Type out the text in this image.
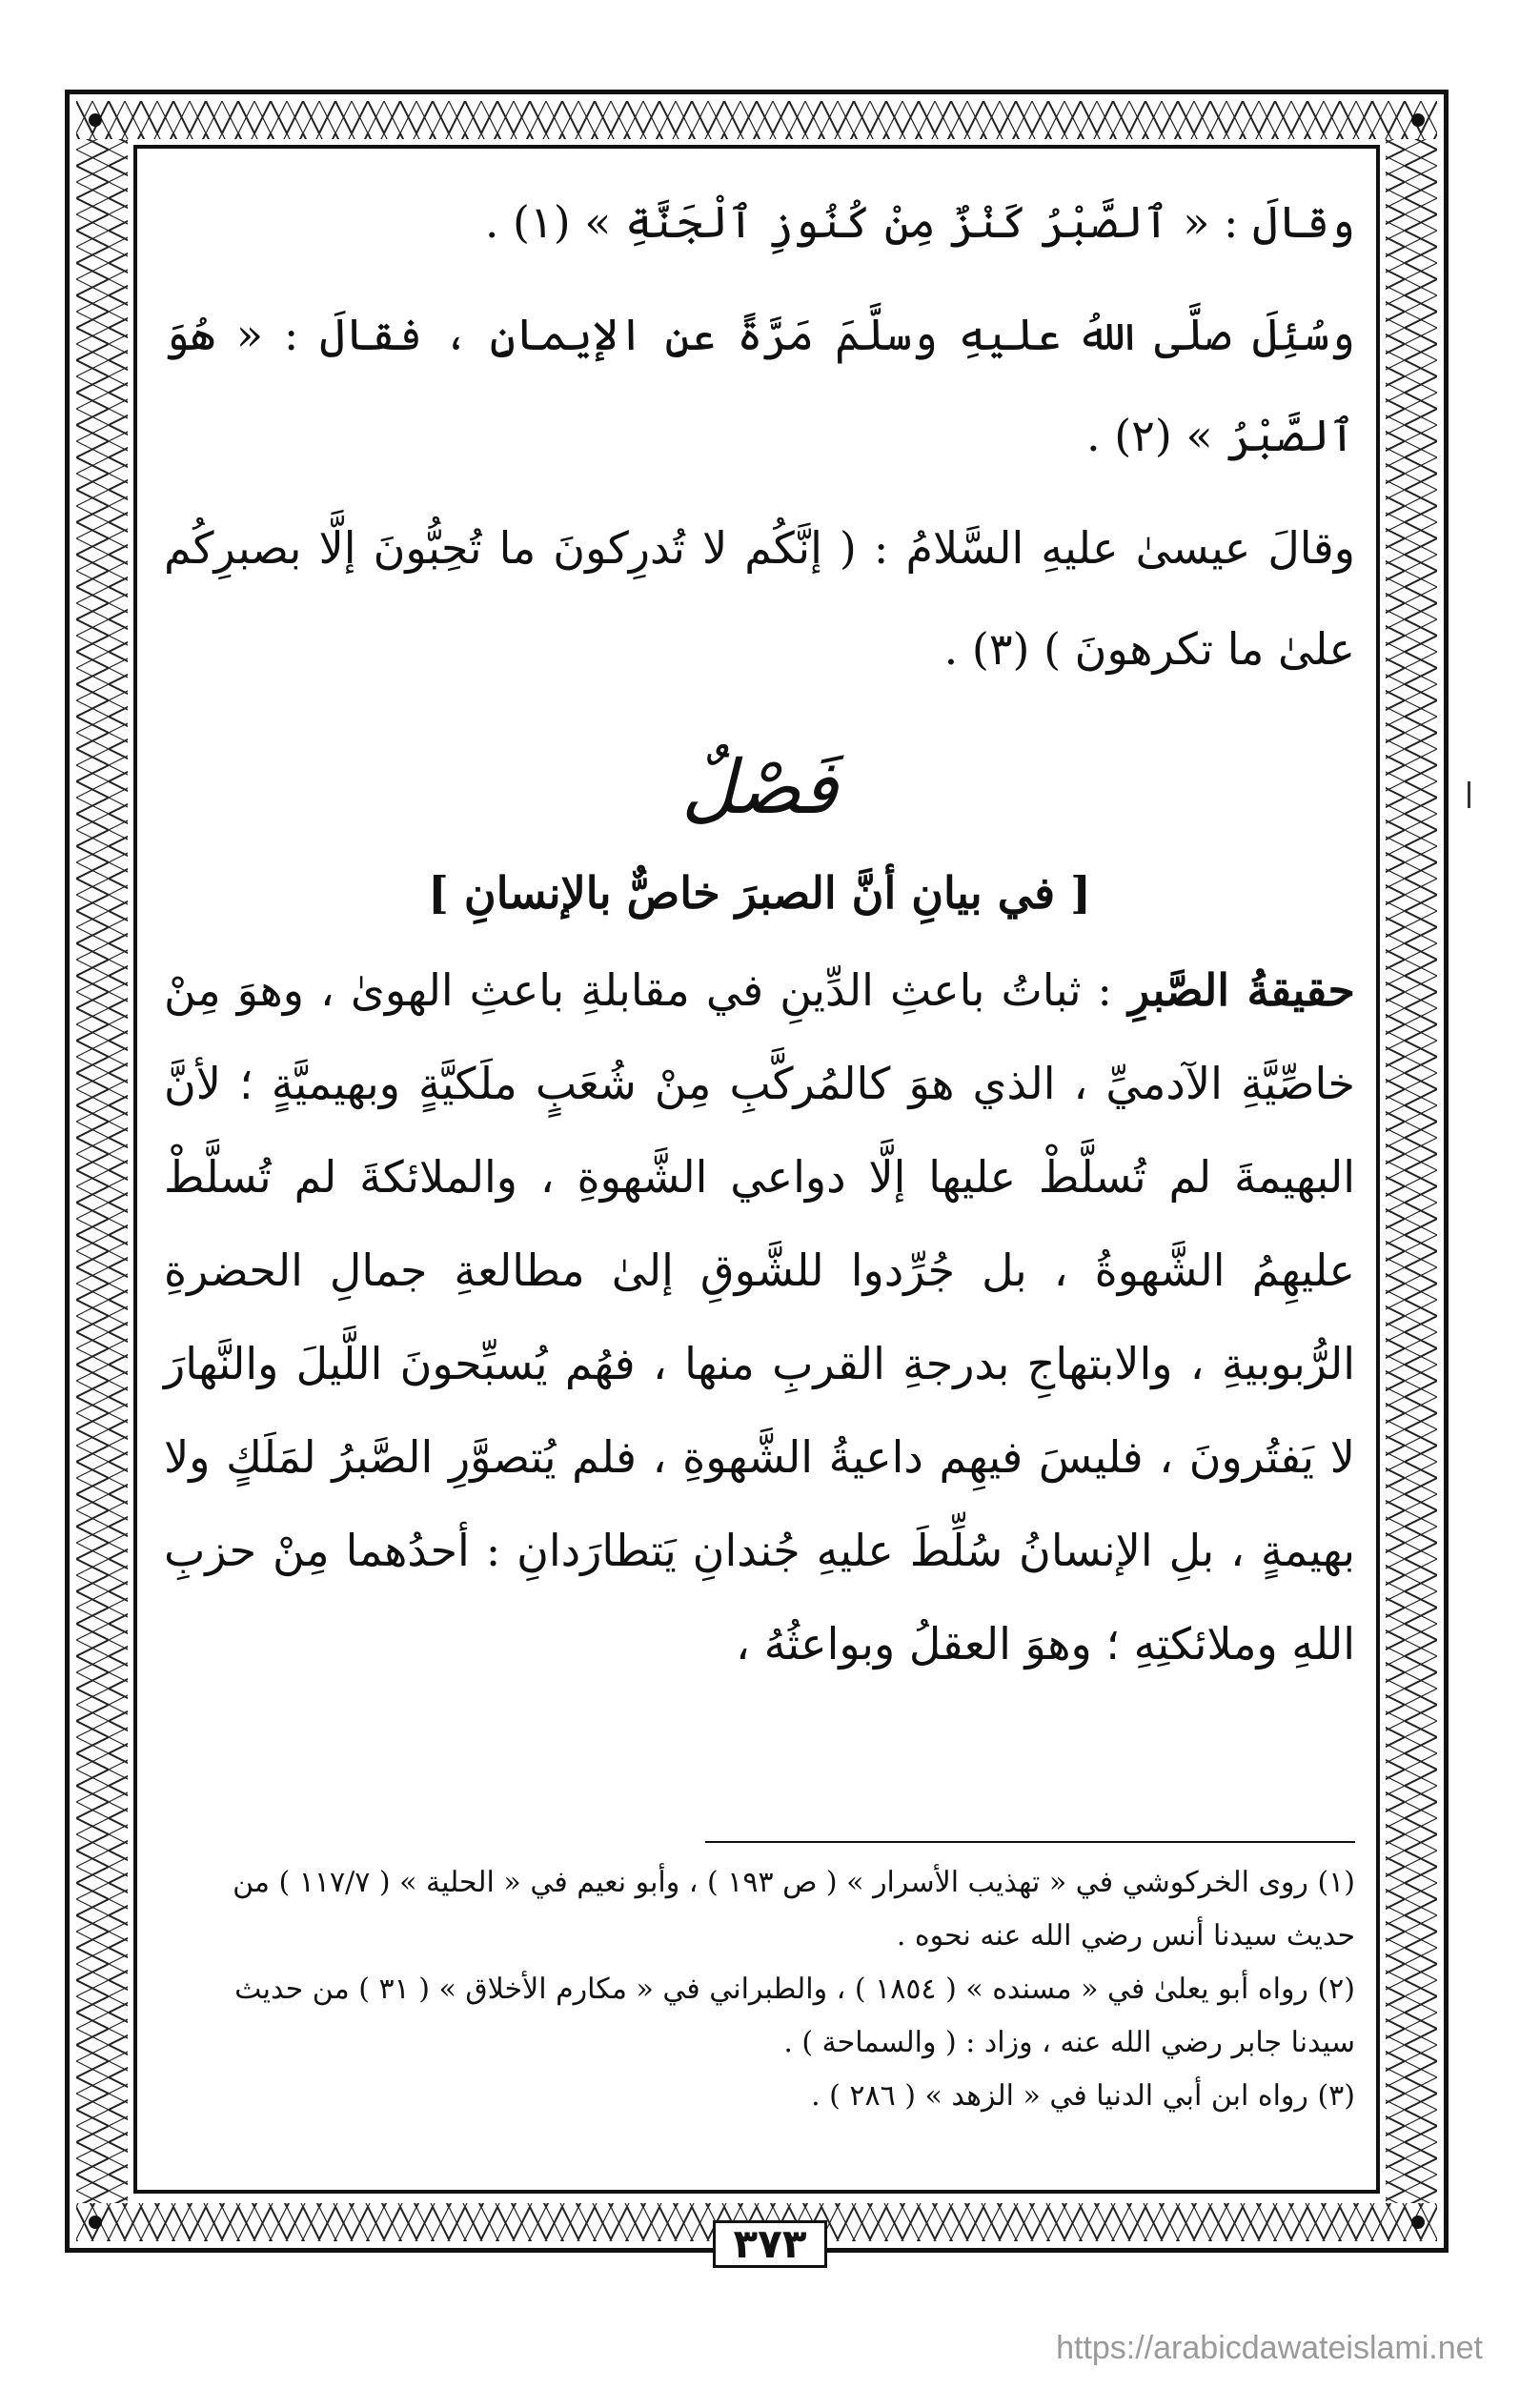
وقالَ : « ٱلصَّبْرُ كَنْزٌ مِنْ كُنُوزِ ٱلْجَنَّةِ » (١) .

وسُئِلَ صلَّى اللهُ عليهِ وسلَّمَ مَرَّةً عنِ الإيمانِ ، فقالَ : « هُوَ ٱلصَّبْرُ » (٢) .

وقالَ عيسىٰ عليهِ السَّلامُ : ( إنَّكُم لا تُدرِكونَ ما تُحِبُّونَ إلَّا بصبرِكُم علىٰ ما تكرهونَ ) (٣) .

فَصْلٌ
[ في بيانِ أنَّ الصبرَ خاصٌّ بالإنسانِ ]

حقيقةُ الصَّبرِ : ثباتُ باعثِ الدِّينِ في مقابلةِ باعثِ الهوىٰ ، وهوَ مِنْ خاصِّيَّةِ الآدميِّ ، الذي هوَ كالمُركَّبِ مِنْ شُعَبٍ ملَكيَّةٍ وبهيميَّةٍ ؛ لأنَّ البهيمةَ لم تُسلَّطْ عليها إلَّا دواعي الشَّهوةِ ، والملائكةَ لم تُسلَّطْ عليهِمُ الشَّهوةُ ، بل جُرِّدوا للشَّوقِ إلىٰ مطالعةِ جمالِ الحضرةِ الرُّبوبيةِ ، والابتهاجِ بدرجةِ القربِ منها ، فهُم يُسبِّحونَ اللَّيلَ والنَّهارَ لا يَفتُرونَ ، فليسَ فيهِم داعيةُ الشَّهوةِ ، فلم يُتصوَّرِ الصَّبرُ لمَلَكٍ ولا بهيمةٍ ، بلِ الإنسانُ سُلِّطَ عليهِ جُندانِ يَتطارَدانِ : أحدُهما مِنْ حزبِ اللهِ وملائكتِهِ ؛ وهوَ العقلُ وبواعثُهُ ،

(١) روى الخركوشي في « تهذيب الأسرار » ( ص ١٩٣ ) ، وأبو نعيم في « الحلية » ( ١١٧/٧ ) من حديث سيدنا أنس رضي الله عنه نحوه .

(٢) رواه أبو يعلىٰ في « مسنده » ( ١٨٥٤ ) ، والطبراني في « مكارم الأخلاق » ( ٣١ ) من حديث سيدنا جابر رضي الله عنه ، وزاد : ( والسماحة ) .

(٣) رواه ابن أبي الدنيا في « الزهد » ( ٢٨٦ ) .

٣٧٣
https://arabicdawateislami.net
